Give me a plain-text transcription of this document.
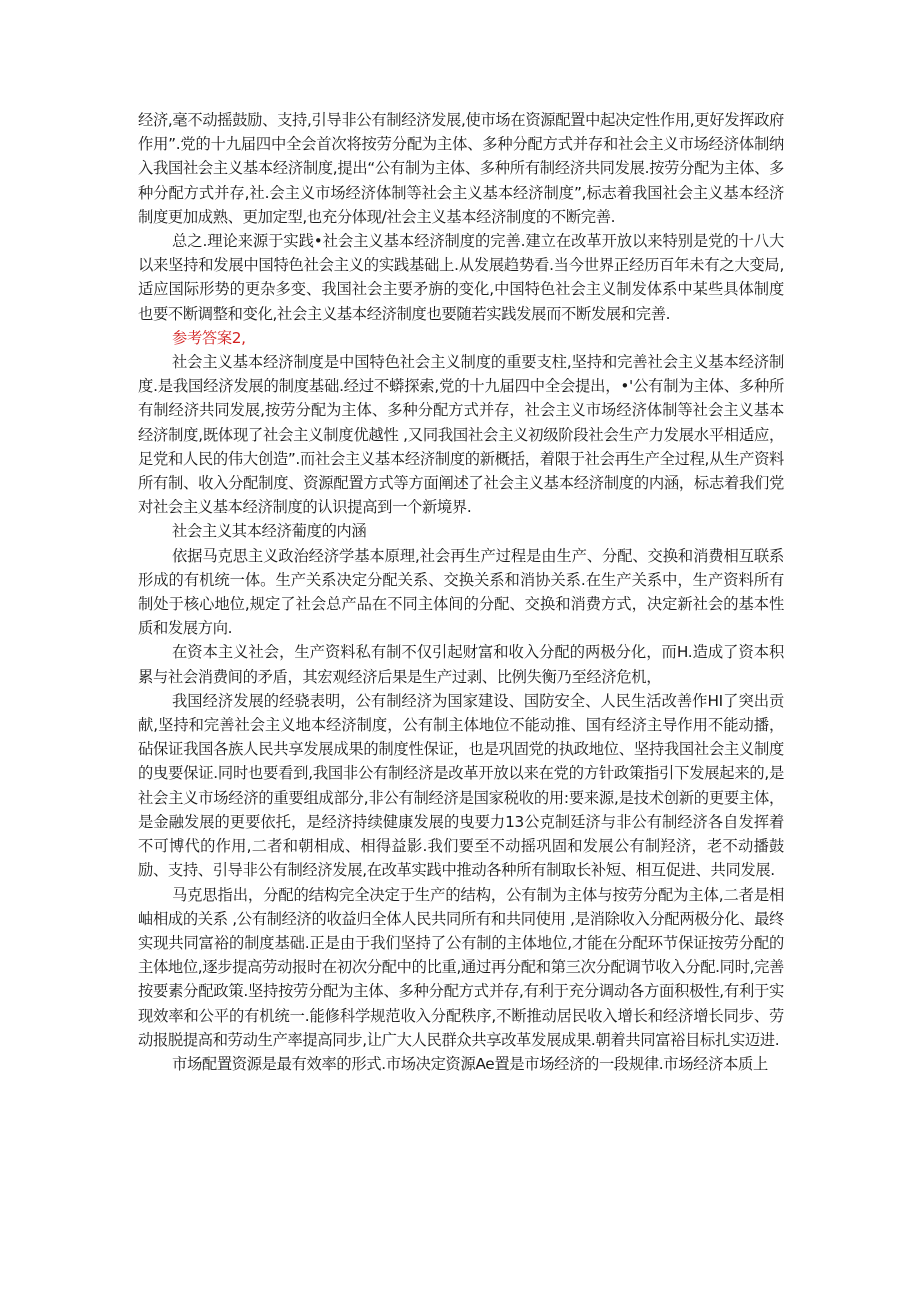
经济,毫不动摇鼓励、支持,引导非公有制经济发展,使市场在资源配置中起决定性作用,更好发挥政府作用”.党的十九届四中全会首次将按劳分配为主体、多种分配方式并存和社会主义市场经济体制纳入我国社会主义基本经济制度,提出“公有制为主体、多种所有制经济共同发展.按劳分配为主体、多种分配方式并存,社.会主义市场经济体制等社会主义基本经济制度”,标志着我国社会主义基本经济制度更加成熟、更加定型,也充分体现/社会主义基本经济制度的不断完善.

总之.理论来源于实践•社会主义基本经济制度的完善.建立在改革开放以来特别是党的十八大以来坚持和发展中国特色社会主义的实践基础上.从发展趋势看.当今世界正经历百年未有之大变局,适应国际形势的更杂多变、我国社会主要矛旃的变化,中国特色社会主义制发体系中某些具体制度也要不断调整和变化,社会主义基本经济制度也要随若实践发展而不断发展和完善.

参考答案2,

社会主义基本经济制度是中国特色社会主义制度的重要支柱,坚持和完善社会主义基本经济制度.是我国经济发展的制度基础.经过不蟒探索,党的十九届四中全会提出，•'公有制为主体、多种所有制经济共同发展,按劳分配为主体、多种分配方式并存，社会主义市场经济体制等社会主义基本经济制度,既体现了社会主义制度优越性 ,又同我国社会主义初级阶段社会生产力发展水平相适应，足党和人民的伟大创造”.而社会主义基本经济制度的新概括，着限于社会再生产全过程,从生产资料所有制、收入分配制度、资源配置方式等方面阐述了社会主义基本经济制度的内涵，标志着我们党对社会主义基本经济制度的认识提高到一个新境界.

社会主义其本经济葡度的内涵

依据马克思主义政治经济学基本原理,社会再生产过程是由生产、分配、交换和消费相互联系形成的有机统一体。生产关系决定分配关系、交换关系和消协关系.在生产关系中，生产资料所有制处于核心地位,规定了社会总产品在不同主体间的分配、交换和消费方式，决定新社会的基本性质和发展方向.

在资本主义社会，生产资料私有制不仅引起财富和收入分配的两极分化，而H.造成了资本积累与社会消费间的矛盾，其宏观经济后果是生产过剥、比例失衡乃至经济危机，

我国经济发展的经骁表明，公有制经济为国家建设、国防安全、人民生活改善作HI了突出贡献,坚持和完善社会主义地本经济制度，公有制主体地位不能动推、国有经济主导作用不能动播，砧保证我国各族人民共享发展成果的制度性保证，也是巩固党的执政地位、坚持我国社会主义制度的曳要保证.同时也要看到,我国非公有制经济是改革开放以来在党的方针政策指引下发展起来的,是社会主义市场经济的重要组成部分,非公有制经济是国家税收的用:要来源,是技术创新的更要主体，是金融发展的更要依托，是经济持续健康发展的曳要力13公克制廷济与非公有制经济各自发挥着不可博代的作用,二者和朝相成、相得益影.我们要至不动摇巩固和发展公有制羟济，老不动播鼓励、支持、引导非公有制经济发展,在改革实践中推动各种所有制取长补短、相互促进、共同发展.

马克思指出，分配的结构完全决定于生产的结构，公有制为主体与按劳分配为主体,二者是相岫相成的关系 ,公有制经济的收益归全体人民共同所有和共同使用 ,是消除收入分配两极分化、最终实现共同富裕的制度基础.正是由于我们坚持了公有制的主体地位,才能在分配环节保证按劳分配的主体地位,逐步提高劳动报时在初次分配中的比重,通过再分配和第三次分配调节收入分配.同时,完善按要素分配政策.坚持按劳分配为主体、多种分配方式并存,有利于充分调动各方面积极性,有利于实现效率和公平的有机统一.能修科学规范收入分配秩序,不断推动居民收入增长和经济增长同步、劳动报脱提高和劳动生产率提高同步,让广大人民群众共享改革发展成果.朝着共同富裕目标扎实迈进.

市场配置资源是最有效率的形式.市场决定资源Ae置是市场经济的一段规律.市场经济本质上
